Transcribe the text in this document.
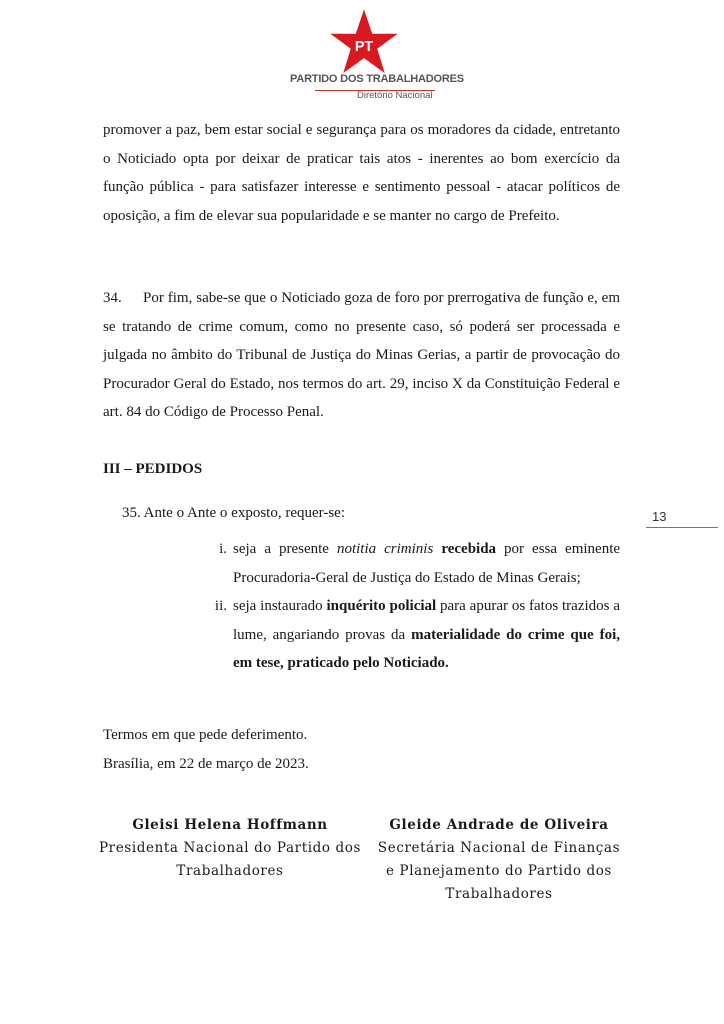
PT
PARTIDO DOS TRABALHADORES
Diretório Nacional

promover a paz, bem estar social e segurança para os moradores da cidade, entretanto o Noticiado opta por deixar de praticar tais atos - inerentes ao bom exercício da função pública - para satisfazer interesse e sentimento pessoal - atacar políticos de oposição, a fim de elevar sua popularidade e se manter no cargo de Prefeito.

34. Por fim, sabe-se que o Noticiado goza de foro por prerrogativa de função e, em se tratando de crime comum, como no presente caso, só poderá ser processada e julgada no âmbito do Tribunal de Justiça do Minas Gerias, a partir de provocação do Procurador Geral do Estado, nos termos do art. 29, inciso X da Constituição Federal e art. 84 do Código de Processo Penal.

III – PEDIDOS
35. Ante o Ante o exposto, requer-se:	13
i. seja a presente notitia criminis recebida por essa eminente Procuradoria-Geral de Justiça do Estado de Minas Gerais;
ii. seja instaurado inquérito policial para apurar os fatos trazidos a lume, angariando provas da materialidade do crime que foi, em tese, praticado pelo Noticiado.
Termos em que pede deferimento.
Brasília, em 22 de março de 2023.
Gleisi Helena Hoffmann
Presidenta Nacional do Partido dos Trabalhadores
Gleide Andrade de Oliveira
Secretária Nacional de Finanças e Planejamento do Partido dos Trabalhadores
